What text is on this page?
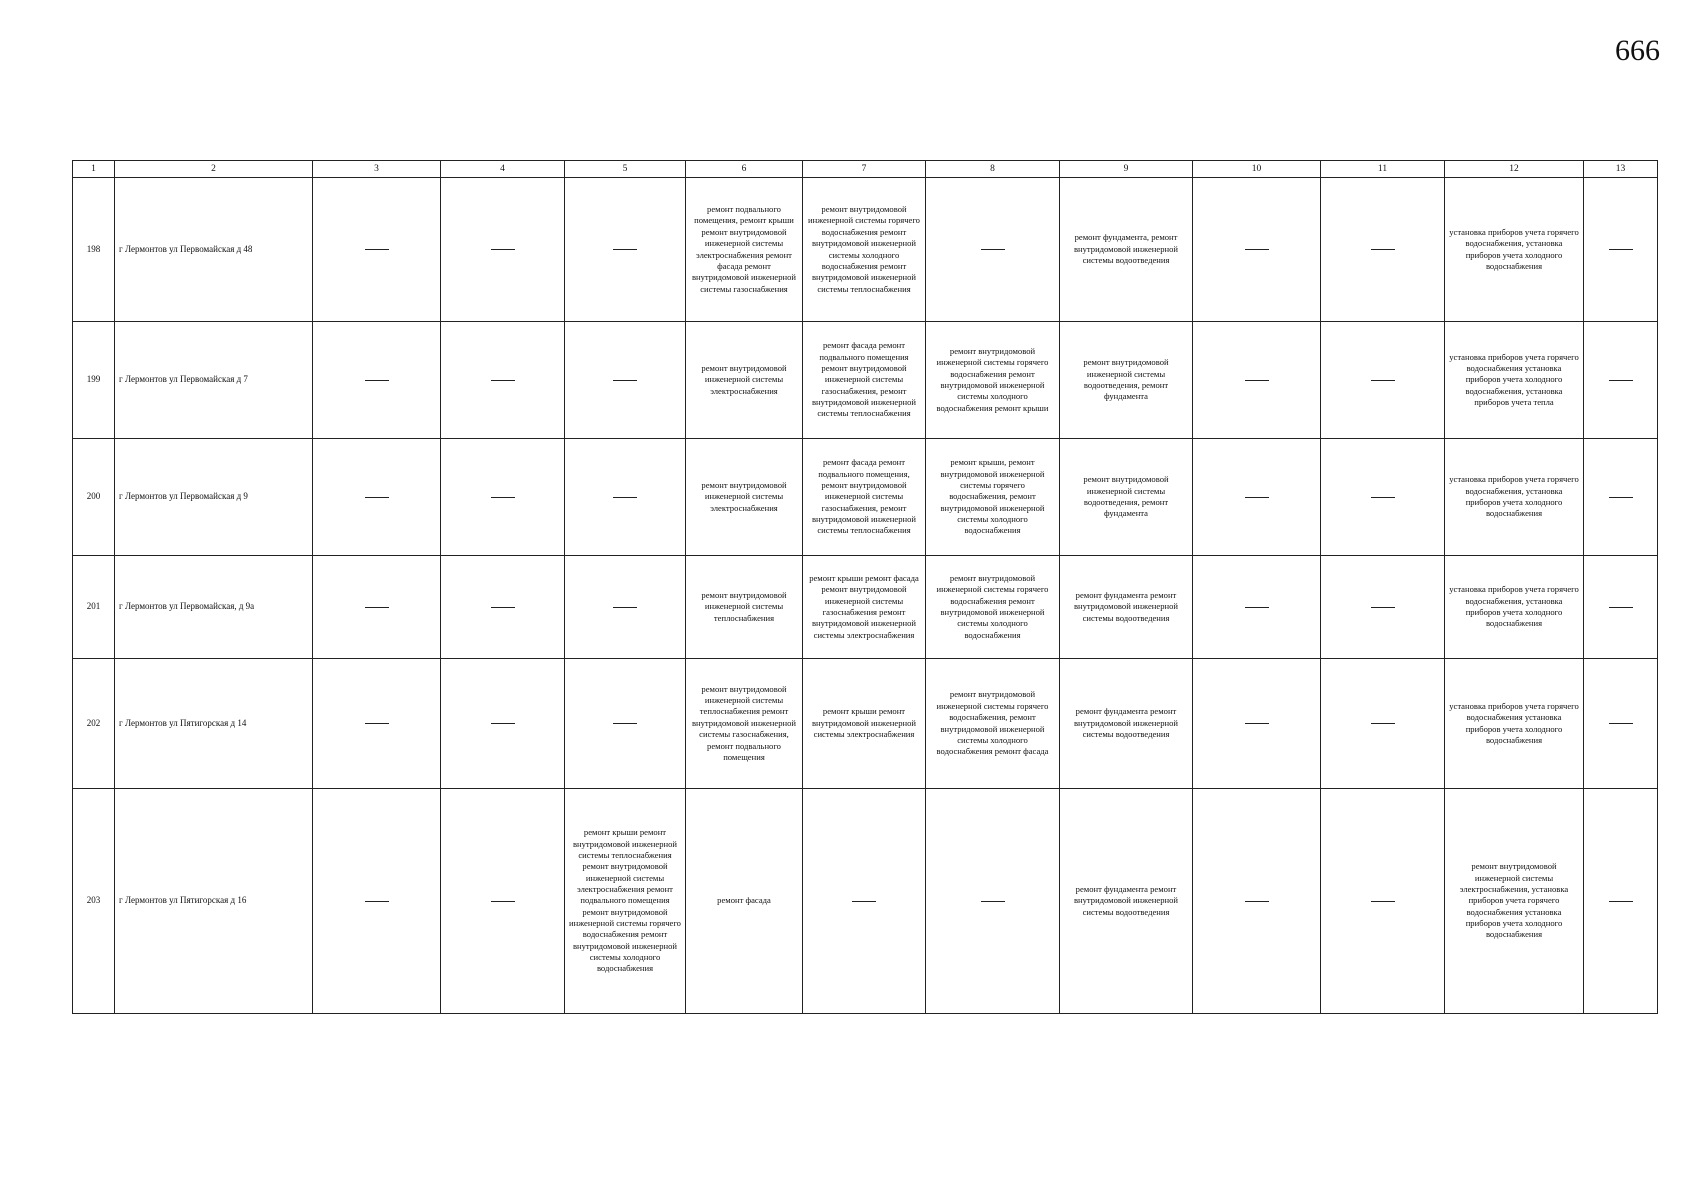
666
1	2	3	4	5	6	7	8	9	10	11	12	13
198	г Лермонтов ул Первомайская д 48				ремонт подвального помещения, ремонт крыши ремонт внутридомовой инженерной системы электроснабжения ремонт фасада ремонт внутридомовой инженерной системы газоснабжения	ремонт внутридомовой инженерной системы горячего водоснабжения ремонт внутридомовой инженерной системы холодного водоснабжения ремонт внутридомовой инженерной системы теплоснабжения		ремонт фундамента, ремонт внутридомовой инженерной системы водоотведения			установка приборов учета горячего водоснабжения, установка приборов учета холодного водоснабжения	
199	г Лермонтов ул Первомайская д 7				ремонт внутридомовой инженерной системы электроснабжения	ремонт фасада ремонт подвального помещения ремонт внутридомовой инженерной системы газоснабжения, ремонт внутридомовой инженерной системы теплоснабжения	ремонт внутридомовой инженерной системы горячего водоснабжения ремонт внутридомовой инженерной системы холодного водоснабжения ремонт крыши	ремонт внутридомовой инженерной системы водоотведения, ремонт фундамента			установка приборов учета горячего водоснабжения установка приборов учета холодного водоснабжения, установка приборов учета тепла	
200	г Лермонтов ул Первомайская д 9				ремонт внутридомовой инженерной системы электроснабжения	ремонт фасада ремонт подвального помещения, ремонт внутридомовой инженерной системы газоснабжения, ремонт внутридомовой инженерной системы теплоснабжения	ремонт крыши, ремонт внутридомовой инженерной системы горячего водоснабжения, ремонт внутридомовой инженерной системы холодного водоснабжения	ремонт внутридомовой инженерной системы водоотведения, ремонт фундамента			установка приборов учета горячего водоснабжения, установка приборов учета холодного водоснабжения	
201	г Лермонтов ул Первомайская, д 9а				ремонт внутридомовой инженерной системы теплоснабжения	ремонт крыши ремонт фасада ремонт внутридомовой инженерной системы газоснабжения ремонт внутридомовой инженерной системы электроснабжения	ремонт внутридомовой инженерной системы горячего водоснабжения ремонт внутридомовой инженерной системы холодного водоснабжения	ремонт фундамента ремонт внутридомовой инженерной системы водоотведения			установка приборов учета горячего водоснабжения, установка приборов учета холодного водоснабжения	
202	г Лермонтов ул Пятигорская д 14				ремонт внутридомовой инженерной системы теплоснабжения ремонт внутридомовой инженерной системы газоснабжения, ремонт подвального помещения	ремонт крыши ремонт внутридомовой инженерной системы электроснабжения	ремонт внутридомовой инженерной системы горячего водоснабжения, ремонт внутридомовой инженерной системы холодного водоснабжения ремонт фасада	ремонт фундамента ремонт внутридомовой инженерной системы водоотведения			установка приборов учета горячего водоснабжения установка приборов учета холодного водоснабжения	
203	г Лермонтов ул Пятигорская д 16			ремонт крыши ремонт внутридомовой инженерной системы теплоснабжения ремонт внутридомовой инженерной системы электроснабжения ремонт подвального помещения ремонт внутридомовой инженерной системы горячего водоснабжения ремонт внутридомовой инженерной системы холодного водоснабжения	ремонт фасада			ремонт фундамента ремонт внутридомовой инженерной системы водоотведения			ремонт внутридомовой инженерной системы электроснабжения, установка приборов учета горячего водоснабжения установка приборов учета холодного водоснабжения	
